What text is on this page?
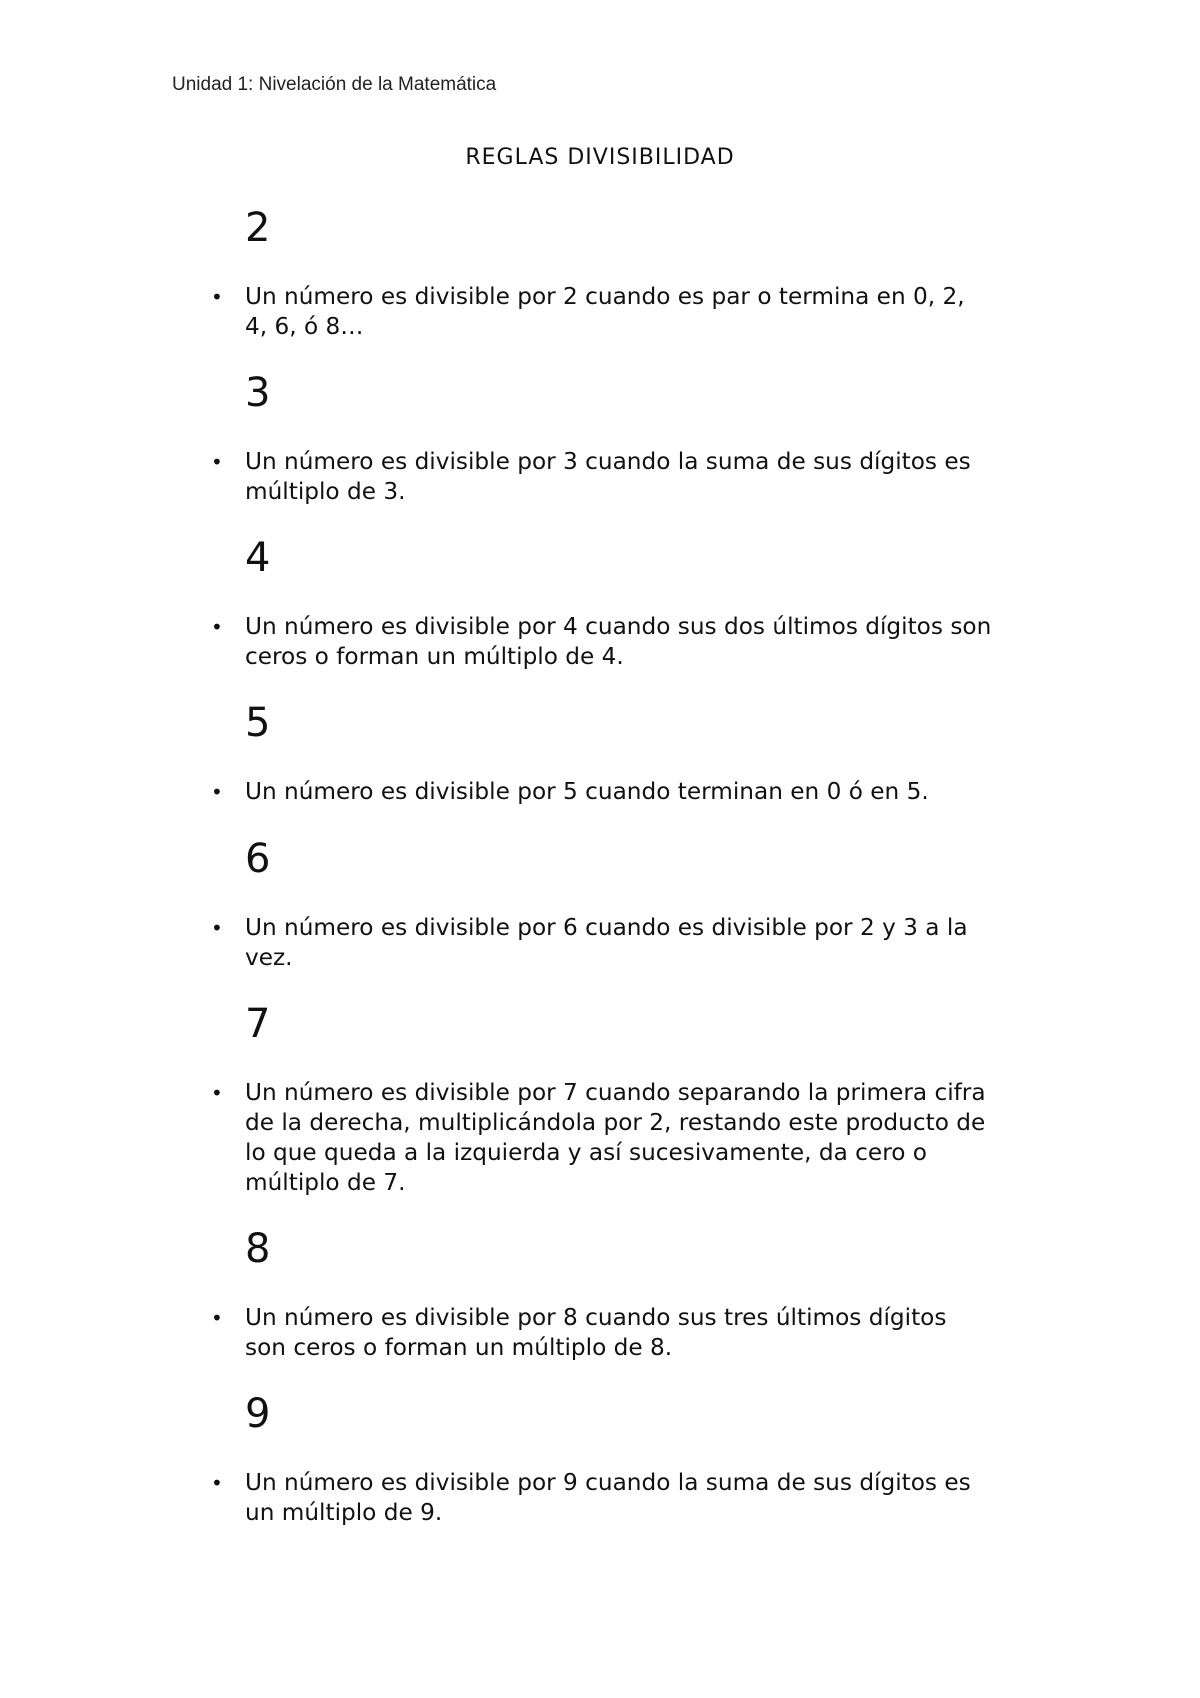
Unidad 1: Nivelación de la Matemática
REGLAS DIVISIBILIDAD
2
• Un número es divisible por 2 cuando es par o termina en 0, 2,
4, 6, ó 8…
3
• Un número es divisible por 3 cuando la suma de sus dígitos es
múltiplo de 3.
4
• Un número es divisible por 4 cuando sus dos últimos dígitos son
ceros o forman un múltiplo de 4.
5
• Un número es divisible por 5 cuando terminan en 0 ó en 5.
6
• Un número es divisible por 6 cuando es divisible por 2 y 3 a la
vez.
7
• Un número es divisible por 7 cuando separando la primera cifra
de la derecha, multiplicándola por 2, restando este producto de
lo que queda a la izquierda y así sucesivamente, da cero o
múltiplo de 7.
8
• Un número es divisible por 8 cuando sus tres últimos dígitos
son ceros o forman un múltiplo de 8.
9
• Un número es divisible por 9 cuando la suma de sus dígitos es
un múltiplo de 9.
